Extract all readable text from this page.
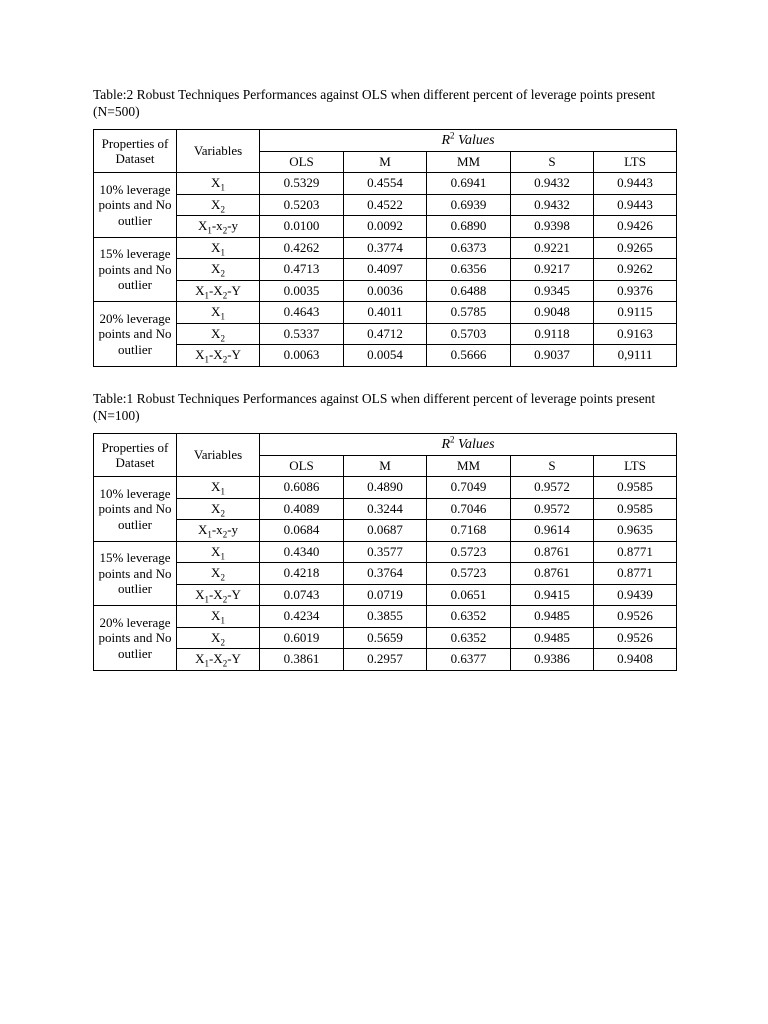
Table:2 Robust Techniques Performances against OLS when different percent of leverage points present (N=500)

Properties of Dataset	Variables	$R^2$ Values				
		OLS	M	MM	S	LTS
10% leverage points and No outlier	$X_1$	0.5329	0.4554	0.6941	0.9432	0.9443
	$X_2$	0.5203	0.4522	0.6939	0.9432	0.9443
	$X_1-x_2-y$	0.0100	0.0092	0.6890	0.9398	0.9426
15% leverage points and No outlier	$X_1$	0.4262	0.3774	0.6373	0.9221	0.9265
	$X_2$	0.4713	0.4097	0.6356	0.9217	0.9262
	$X_1-X_2-Y$	0.0035	0.0036	0.6488	0.9345	0.9376
20% leverage points and No outlier	$X_1$	0.4643	0.4011	0.5785	0.9048	0.9115
	$X_2$	0.5337	0.4712	0.5703	0.9118	0.9163
	$X_1-X_2-Y$	0.0063	0.0054	0.5666	0.9037	0,9111

Table:1 Robust Techniques Performances against OLS when different percent of leverage points present (N=100)

Properties of Dataset	Variables	$R^2$ Values				
		OLS	M	MM	S	LTS
10% leverage points and No outlier	$X_1$	0.6086	0.4890	0.7049	0.9572	0.9585
	$X_2$	0.4089	0.3244	0.7046	0.9572	0.9585
	$X_1-x_2-y$	0.0684	0.0687	0.7168	0.9614	0.9635
15% leverage points and No outlier	$X_1$	0.4340	0.3577	0.5723	0.8761	0.8771
	$X_2$	0.4218	0.3764	0.5723	0.8761	0.8771
	$X_1-X_2-Y$	0.0743	0.0719	0.0651	0.9415	0.9439
20% leverage points and No outlier	$X_1$	0.4234	0.3855	0.6352	0.9485	0.9526
	$X_2$	0.6019	0.5659	0.6352	0.9485	0.9526
	$X_1-X_2-Y$	0.3861	0.2957	0.6377	0.9386	0.9408
